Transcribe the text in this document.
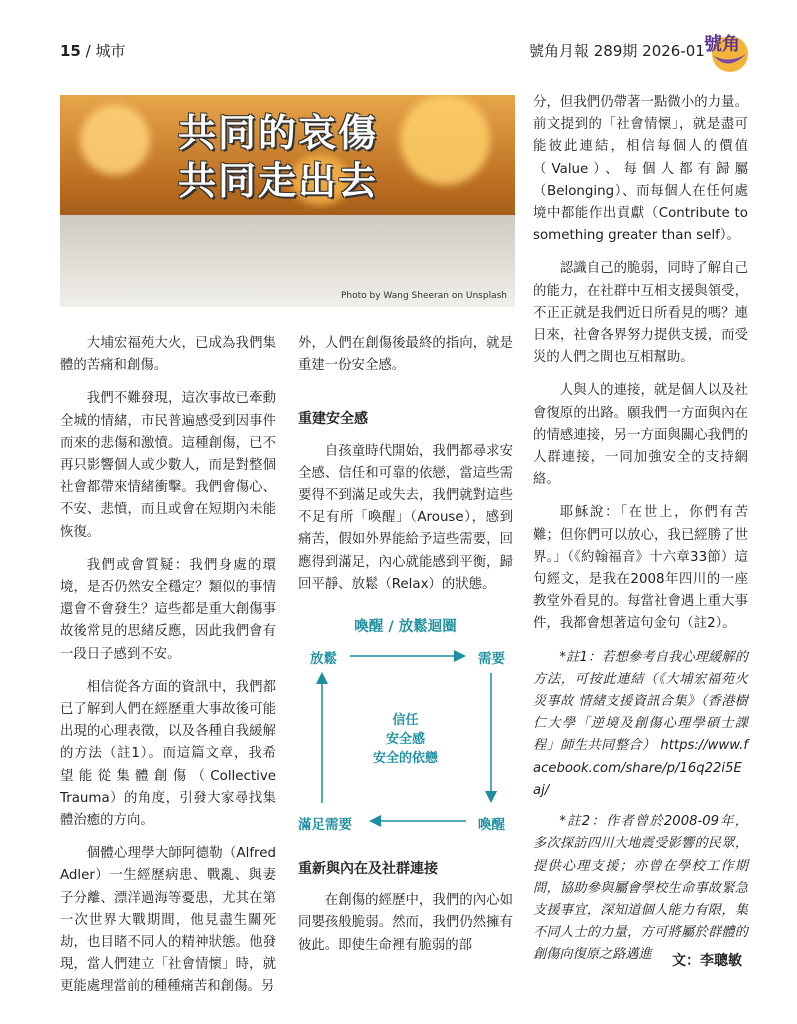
15 / 城市	號角月報 289期 2026-01 號角
共同的哀傷
共同走出去
Photo by Wang Sheeran on Unsplash

大埔宏福苑大火，已成為我們集體的苦痛和創傷。

我們不難發現，這次事故已牽動全城的情緒，市民普遍感受到因事件而來的悲傷和激憤。這種創傷，已不再只影響個人或少數人，而是對整個社會都帶來情緒衝擊。我們會傷心、不安、悲憤，而且或會在短期內未能恢復。

我們或會質疑：我們身處的環境，是否仍然安全穩定？類似的事情還會不會發生？這些都是重大創傷事故後常見的思緒反應，因此我們會有一段日子感到不安。

相信從各方面的資訊中，我們都已了解到人們在經歷重大事故後可能出現的心理表徵，以及各種自我緩解的方法（註1）。而這篇文章，我希望能從集體創傷（Collective Trauma）的角度，引發大家尋找集體治癒的方向。

個體心理學大師阿德勒（Alfred Adler）一生經歷病患、戰亂、與妻子分離、漂洋過海等憂患，尤其在第一次世界大戰期間，他見盡生關死劫，也目睹不同人的精神狀態。他發現，當人們建立「社會情懷」時，就更能處理當前的種種痛苦和創傷。另

外，人們在創傷後最終的指向，就是重建一份安全感。

重建安全感

自孩童時代開始，我們都尋求安全感、信任和可靠的依戀，當這些需要得不到滿足或失去，我們就對這些不足有所「喚醒」（Arouse），感到痛苦，假如外界能給予這些需要，回應得到滿足，內心就能感到平衡，歸回平靜、放鬆（Relax）的狀態。

喚醒 / 放鬆迴圈
放鬆	需要
滿足需要	喚醒
信任
安全感
安全的依戀
重新與內在及社群連接

在創傷的經歷中，我們的內心如同嬰孩般脆弱。然而，我們仍然擁有彼此。即使生命裡有脆弱的部

分，但我們仍帶著一點微小的力量。前文提到的「社會情懷」，就是盡可能彼此連結，相信每個人的價值（Value）、每個人都有歸屬（Belonging）、而每個人在任何處境中都能作出貢獻（Contribute to something greater than self）。

認識自己的脆弱，同時了解自己的能力，在社群中互相支援與領受，不正正就是我們近日所看見的嗎？連日來，社會各界努力提供支援，而受災的人們之間也互相幫助。

人與人的連接，就是個人以及社會復原的出路。願我們一方面與內在的情感連接，另一方面與關心我們的人群連接，一同加強安全的支持網絡。

耶穌說：「在世上，你們有苦難；但你們可以放心，我已經勝了世界。」（《約翰福音》十六章33節）這句經文，是我在2008年四川的一座教堂外看見的。每當社會遇上重大事件，我都會想著這句金句（註2）。

*註1：若想參考自我心理緩解的方法，可按此連結（《大埔宏福苑火災事故 情緒支援資訊合集》（香港樹仁大學「逆境及創傷心理學碩士課程」師生共同整合） https://www.facebook.com/share/p/16q22i5Eaj/
*註2：作者曾於2008-09年，多次探訪四川大地震受影響的民眾，提供心理支援；亦曾在學校工作期間，協助參與屬會學校生命事故緊急支援事宜，深知道個人能力有限，集不同人士的力量，方可將屬於群體的創傷向復原之路邁進	文：李聰敏
